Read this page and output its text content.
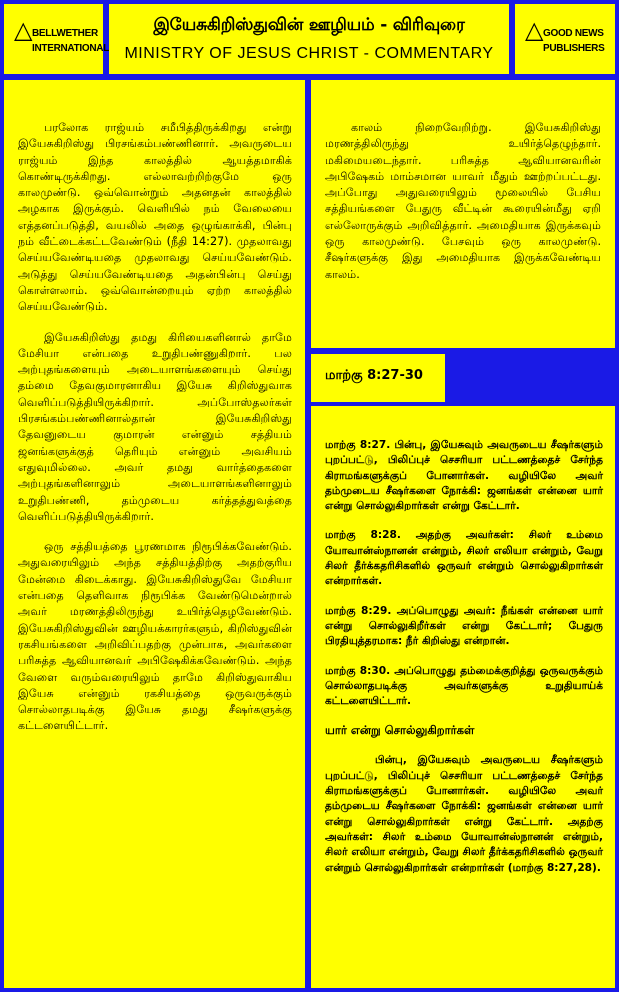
△ BELLWETHER
INTERNATIONAL
இயேசுகிறிஸ்துவின் ஊழியம் - விரிவுரை
MINISTRY OF JESUS CHRIST - COMMENTARY
△ GOOD NEWS
PUBLISHERS

பரலோக ராஜ்யம் சமீபித்திருக்கிறது என்று இயேசுகிறிஸ்து பிரசங்கம்பண்ணினார். அவருடைய ராஜ்யம் இந்த காலத்தில் ஆயத்தமாகிக் கொண்டிருக்கிறது. எல்லாவற்றிற்குமே ஒரு காலமுண்டு. ஒவ்வொன்றும் அதனதன் காலத்தில் அழகாக இருக்கும். வெளியில் நம் வேலையை எத்தனப்படுத்தி, வயலில் அதை ஒழுங்காக்கி, பின்பு நம் வீட்டைக்கட்டவேண்டும் (நீதி 14:27). முதலாவது செய்யவேண்டியதை முதலாவது செய்யவேண்டும். அடுத்து செய்யவேண்டியதை அதன்பின்பு செய்து கொள்ளலாம். ஒவ்வொன்றையும் ஏற்ற காலத்தில் செய்யவேண்டும்.

இயேசுகிறிஸ்து தமது கிரியைகளினால் தாமே மேசியா என்பதை உறுதிபண்ணுகிறார். பல அற்புதங்களையும் அடையாளங்களையும் செய்து தம்மை தேவகுமாரனாகிய இயேசு கிறிஸ்துவாக வெளிப்படுத்தியிருக்கிறார். அப்போஸ்தலர்கள் பிரசங்கம்பண்ணினால்தான் இயேசுகிறிஸ்து தேவனுடைய குமாரன் என்னும் சத்தியம் ஜனங்களுக்குத் தெரியும் என்னும் அவசியம் எதுவுமில்லை. அவர் தமது வார்த்தைகளை அற்புதங்களினாலும் அடையாளங்களினாலும் உறுதிபண்ணி, தம்முடைய கர்த்தத்துவத்தை வெளிப்படுத்தியிருக்கிறார்.

ஒரு சத்தியத்தை பூரணமாக நிரூபிக்கவேண்டும். அதுவரையிலும் அந்த சத்தியத்திற்கு அதற்குரிய மேன்மை கிடைக்காது. இயேசுகிறிஸ்துவே மேசியா என்பதை தெளிவாக நிரூபிக்க வேண்டுமென்றால் அவர் மரணத்திலிருந்து உயிர்த்தெழவேண்டும். இயேசுகிறிஸ்துவின் ஊழியக்காரர்களும், கிறிஸ்துவின் ரகசியங்களை அறிவிப்பதற்கு முன்பாக, அவர்களை பரிசுத்த ஆவியானவர் அபிஷேகிக்கவேண்டும். அந்த வேளை வரும்வரையிலும் தாமே கிறிஸ்துவாகிய இயேசு என்னும் ரகசியத்தை ஒருவருக்கும் சொல்லாதபடிக்கு இயேசு தமது சீஷர்களுக்கு கட்டளையிட்டார்.

காலம் நிறைவேறிற்று. இயேசுகிறிஸ்து மரணத்திலிருந்து உயிர்த்தெழுந்தார். மகிமையடைந்தார். பரிசுத்த ஆவியானவரின் அபிஷேகம் மாம்சமான யாவர் மீதும் ஊற்றப்பட்டது. அப்போது அதுவரையிலும் மூலையில் பேசிய சத்தியங்களை பேதுரு வீட்டின் கூரையின்மீது ஏறி எல்லோருக்கும் அறிவித்தார். அமைதியாக இருக்கவும் ஒரு காலமுண்டு. பேசவும் ஒரு காலமுண்டு. சீஷர்களுக்கு இது அமைதியாக இருக்கவேண்டிய காலம்.

மாற்கு 8:27-30

மாற்கு 8:27. பின்பு, இயேசுவும் அவருடைய சீஷர்களும் புறப்பட்டு, பிலிப்புச் செசரியா பட்டணத்தைச் சேர்ந்த கிராமங்களுக்குப் போனார்கள். வழியிலே அவர் தம்முடைய சீஷர்களை நோக்கி: ஜனங்கள் என்னை யார் என்று சொல்லுகிறார்கள் என்று கேட்டார்.

மாற்கு 8:28. அதற்கு அவர்கள்: சிலர் உம்மை யோவான்ஸ்நானன் என்றும், சிலர் எலியா என்றும், வேறு சிலர் தீர்க்கதரிசிகளில் ஒருவர் என்றும் சொல்லுகிறார்கள் என்றார்கள்.

மாற்கு 8:29. அப்பொழுது அவர்: நீங்கள் என்னை யார் என்று சொல்லுகிறீர்கள் என்று கேட்டார்; பேதுரு பிரதியுத்தரமாக: நீர் கிறிஸ்து என்றான்.

மாற்கு 8:30. அப்பொழுது தம்மைக்குறித்து ஒருவருக்கும் சொல்லாதபடிக்கு அவர்களுக்கு உறுதியாய்க் கட்டளையிட்டார்.

யார் என்று சொல்லுகிறார்கள்

பின்பு, இயேசுவும் அவருடைய சீஷர்களும் புறப்பட்டு, பிலிப்புச் செசரியா பட்டணத்தைச் சேர்ந்த கிராமங்களுக்குப் போனார்கள். வழியிலே அவர் தம்முடைய சீஷர்களை நோக்கி: ஜனங்கள் என்னை யார் என்று சொல்லுகிறார்கள் என்று கேட்டார். அதற்கு அவர்கள்: சிலர் உம்மை யோவான்ஸ்நானன் என்றும், சிலர் எலியா என்றும், வேறு சிலர் தீர்க்கதரிசிகளில் ஒருவர் என்றும் சொல்லுகிறார்கள் என்றார்கள் (மாற்கு 8:27,28).
